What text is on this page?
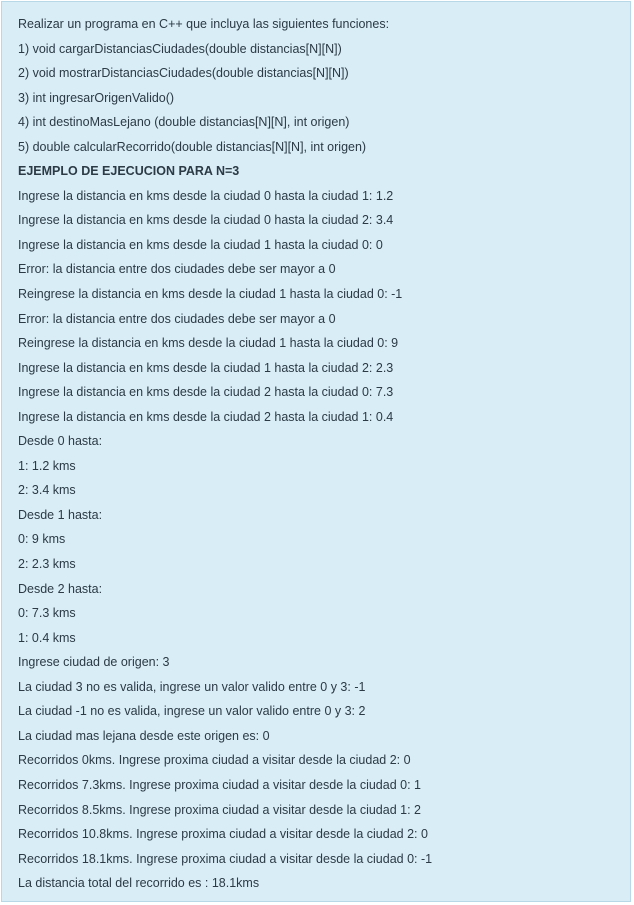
Realizar un programa en C++ que incluya las siguientes funciones:
1) void cargarDistanciasCiudades(double distancias[N][N])
2) void mostrarDistanciasCiudades(double distancias[N][N])
3) int ingresarOrigenValido()
4) int destinoMasLejano (double distancias[N][N], int origen)
5) double calcularRecorrido(double distancias[N][N], int origen)
EJEMPLO DE EJECUCION PARA N=3
Ingrese la distancia en kms desde la ciudad 0 hasta la ciudad 1: 1.2
Ingrese la distancia en kms desde la ciudad 0 hasta la ciudad 2: 3.4
Ingrese la distancia en kms desde la ciudad 1 hasta la ciudad 0: 0
Error: la distancia entre dos ciudades debe ser mayor a 0
Reingrese la distancia en kms desde la ciudad 1 hasta la ciudad 0: -1
Error: la distancia entre dos ciudades debe ser mayor a 0
Reingrese la distancia en kms desde la ciudad 1 hasta la ciudad 0: 9
Ingrese la distancia en kms desde la ciudad 1 hasta la ciudad 2: 2.3
Ingrese la distancia en kms desde la ciudad 2 hasta la ciudad 0: 7.3
Ingrese la distancia en kms desde la ciudad 2 hasta la ciudad 1: 0.4
Desde 0 hasta:
1: 1.2 kms
2: 3.4 kms
Desde 1 hasta:
0: 9 kms
2: 2.3 kms
Desde 2 hasta:
0: 7.3 kms
1: 0.4 kms
Ingrese ciudad de origen: 3
La ciudad 3 no es valida, ingrese un valor valido entre 0 y 3: -1
La ciudad -1 no es valida, ingrese un valor valido entre 0 y 3: 2
La ciudad mas lejana desde este origen es: 0
Recorridos 0kms. Ingrese proxima ciudad a visitar desde la ciudad 2: 0
Recorridos 7.3kms. Ingrese proxima ciudad a visitar desde la ciudad 0: 1
Recorridos 8.5kms. Ingrese proxima ciudad a visitar desde la ciudad 1: 2
Recorridos 10.8kms. Ingrese proxima ciudad a visitar desde la ciudad 2: 0
Recorridos 18.1kms. Ingrese proxima ciudad a visitar desde la ciudad 0: -1
La distancia total del recorrido es : 18.1kms
